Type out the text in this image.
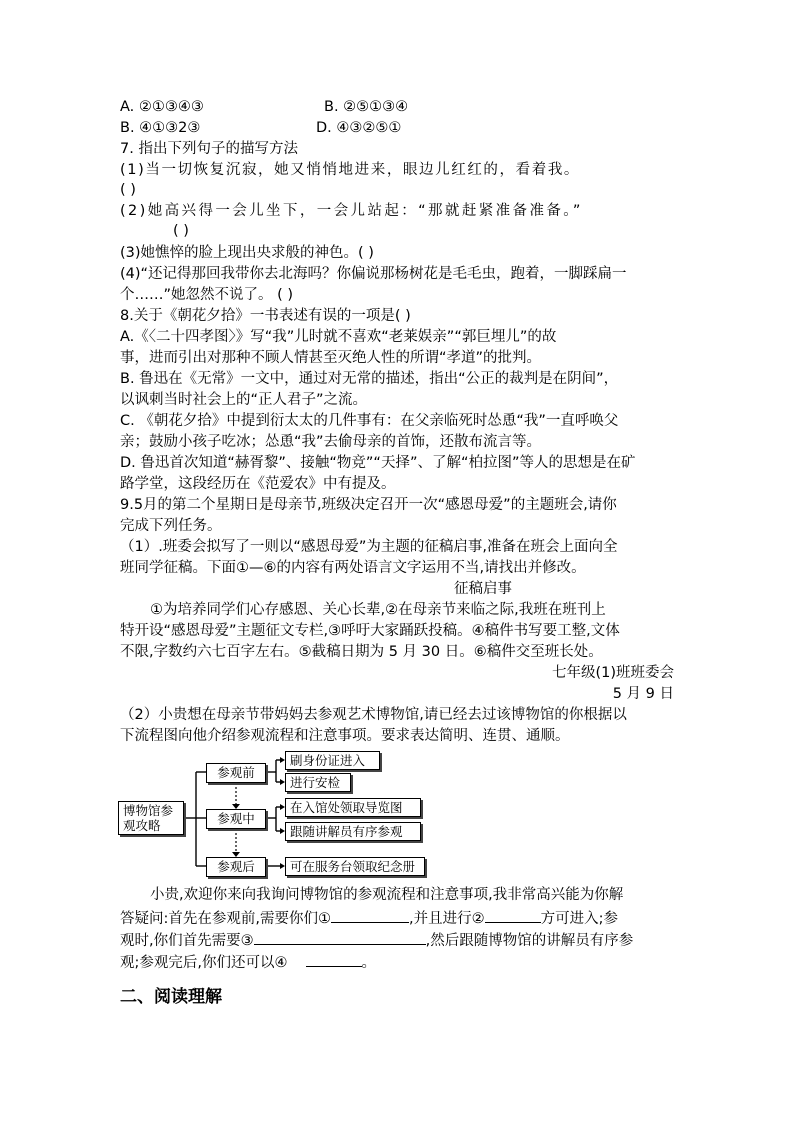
A. ②①③④③	B. ②⑤①③④
B. ④①③2③	D. ④③②⑤①
7. 指出下列句子的描写方法
(1)当一切恢复沉寂，她又悄悄地进来，眼边儿红红的，看着我。
( )
(2)她高兴得一会儿坐下，一会儿站起：“那就赶紧准备准备。”
( )
(3)她憔悴的脸上现出央求般的神色。( )
(4)“还记得那回我带你去北海吗？你偏说那杨树花是毛毛虫，跑着，一脚踩扁一
个……”她忽然不说了。 ( )
8.关于《朝花夕拾》一书表述有误的一项是( )
A.《〈二十四孝图〉》写“我”儿时就不喜欢“老莱娱亲”“郭巨埋儿”的故
事，进而引出对那种不顾人情甚至灭绝人性的所谓“孝道”的批判。
B. 鲁迅在《无常》一文中，通过对无常的描述，指出“公正的裁判是在阴间”，
以讽刺当时社会上的“正人君子”之流。
C. 《朝花夕拾》中提到衍太太的几件事有：在父亲临死时怂恿“我”一直呼唤父
亲；鼓励小孩子吃冰；怂恿“我”去偷母亲的首饰，还散布流言等。
D. 鲁迅首次知道“赫胥黎”、接触“物竞”“天择”、了解“柏拉图”等人的思想是在矿
路学堂，这段经历在《范爱农》中有提及。
9.5月的第二个星期日是母亲节,班级决定召开一次“感恩母爱”的主题班会,请你
完成下列任务。
（1）.班委会拟写了一则以“感恩母爱”为主题的征稿启事,准备在班会上面向全
班同学征稿。下面①—⑥的内容有两处语言文字运用不当,请找出并修改。
征稿启事
①为培养同学们心存感恩、关心长辈,②在母亲节来临之际,我班在班刊上
特开设“感恩母爱”主题征文专栏,③呼吁大家踊跃投稿。④稿件书写要工整,文体
不限,字数约六七百字左右。⑤截稿日期为 5 月 30 日。⑥稿件交至班长处。
七年级(1)班班委会
5 月 9 日
（2）小贵想在母亲节带妈妈去参观艺术博物馆,请已经去过该博物馆的你根据以
下流程图向他介绍参观流程和注意事项。要求表达简明、连贯、通顺。
博物馆参观攻略
参观前
参观中
参观后
刷身份证进入
进行安检
在入馆处领取导览图
跟随讲解员有序参观
可在服务台领取纪念册
小贵,欢迎你来向我询问博物馆的参观流程和注意事项,我非常高兴能为你解
答疑问:首先在参观前,需要你们①	,并且进行②	方可进入;参
观时,你们首先需要③	,然后跟随博物馆的讲解员有序参
观;参观完后,你们还可以④	。
二、阅读理解
